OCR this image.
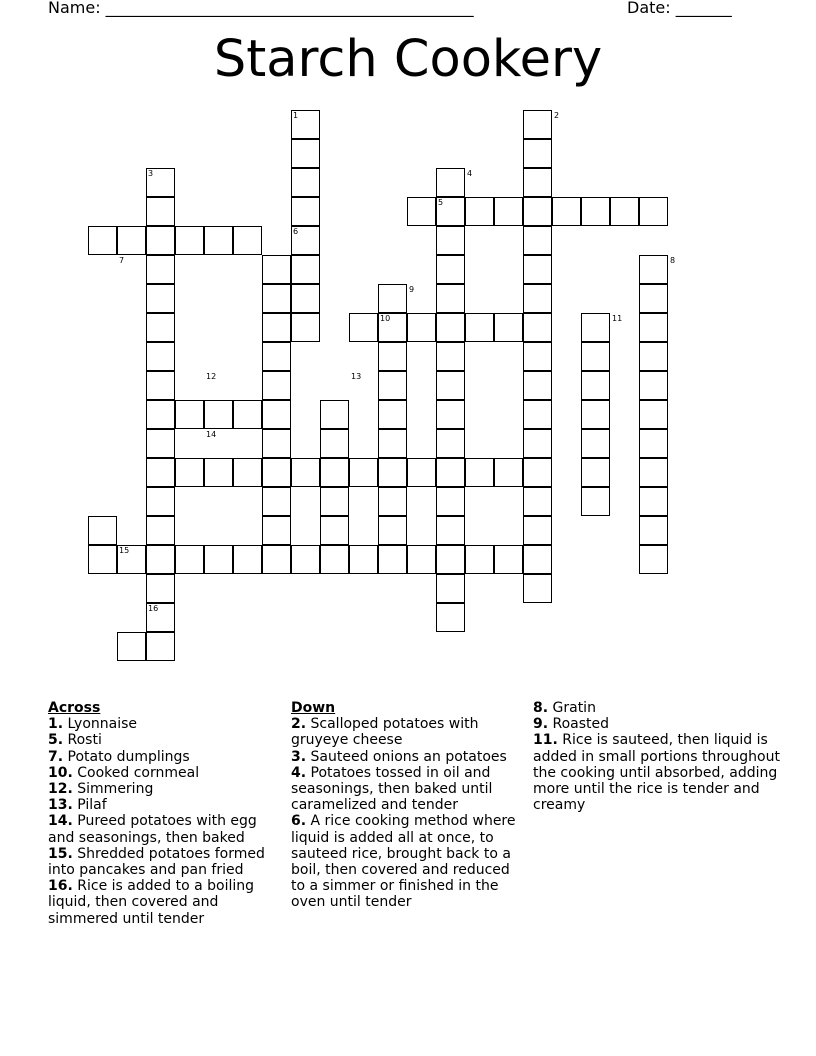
Name: ______________________________________________	Date: _______
Starch Cookery
1	2
3	4
5
6
7	8
9
10	11
12	13
14
15
16
Across
1. Lyonnaise
5. Rosti
7. Potato dumplings
10. Cooked cornmeal
12. Simmering
13. Pilaf
14. Pureed potatoes with egg and seasonings, then baked
15. Shredded potatoes formed into pancakes and pan fried
16. Rice is added to a boiling liquid, then covered and simmered until tender
Down
2. Scalloped potatoes with gruyeye cheese
3. Sauteed onions an potatoes
4. Potatoes tossed in oil and seasonings, then baked until caramelized and tender
6. A rice cooking method where liquid is added all at once, to sauteed rice, brought back to a boil, then covered and reduced to a simmer or finished in the oven until tender
8. Gratin
9. Roasted
11. Rice is sauteed, then liquid is added in small portions throughout the cooking until absorbed, adding more until the rice is tender and creamy
